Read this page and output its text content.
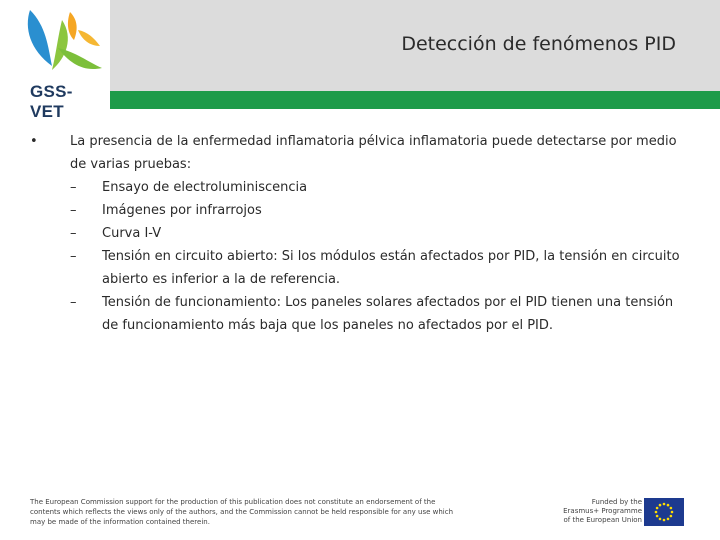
Detección de fenómenos PID
GSS-VET
•	La presencia de la enfermedad inflamatoria pélvica inflamatoria puede detectarse por medio de varias pruebas:
–	Ensayo de electroluminiscencia
–	Imágenes por infrarrojos
–	Curva I-V
–	Tensión en circuito abierto: Si los módulos están afectados por PID, la tensión en circuito abierto es inferior a la de referencia.
–	Tensión de funcionamiento: Los paneles solares afectados por el PID tienen una tensión de funcionamiento más baja que los paneles no afectados por el PID.
The European Commission support for the production of this publication does not constitute an endorsement of the contents which reflects the views only of the authors, and the Commission cannot be held responsible for any use which may be made of the information contained therein.
Funded by the Erasmus+ Programme of the European Union
